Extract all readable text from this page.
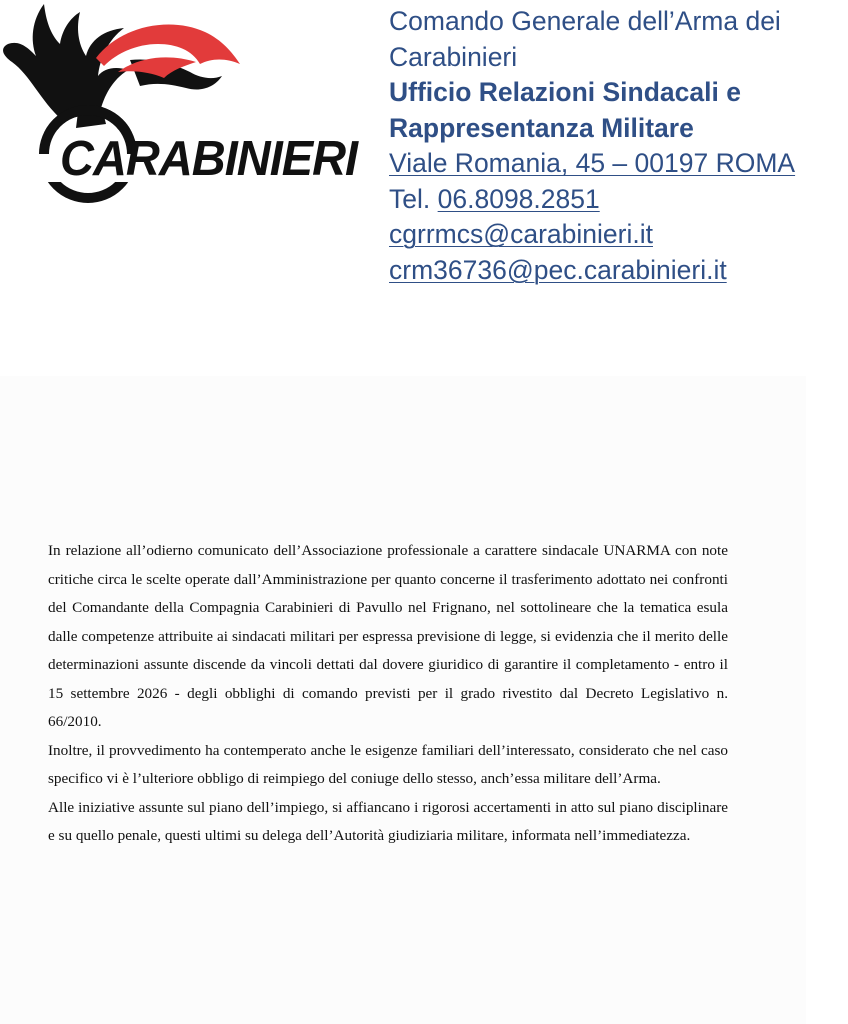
CARABINIERI
Comando Generale dell’Arma dei Carabinieri
Ufficio Relazioni Sindacali e Rappresentanza Militare
Viale Romania, 45 – 00197 ROMA
Tel. 06.8098.2851
cgrrmcs@carabinieri.it
crm36736@pec.carabinieri.it

In relazione all’odierno comunicato dell’Associazione professionale a carattere sindacale UNARMA con note critiche circa le scelte operate dall’Amministrazione per quanto concerne il trasferimento adottato nei confronti del Comandante della Compagnia Carabinieri di Pavullo nel Frignano, nel sottolineare che la tematica esula dalle competenze attribuite ai sindacati militari per espressa previsione di legge, si evidenzia che il merito delle determinazioni assunte discende da vincoli dettati dal dovere giuridico di garantire il completamento - entro il 15 settembre 2026 - degli obblighi di comando previsti per il grado rivestito dal Decreto Legislativo n. 66/2010.

Inoltre, il provvedimento ha contemperato anche le esigenze familiari dell’interessato, considerato che nel caso specifico vi è l’ulteriore obbligo di reimpiego del coniuge dello stesso, anch’essa militare dell’Arma.

Alle iniziative assunte sul piano dell’impiego, si affiancano i rigorosi accertamenti in atto sul piano disciplinare e su quello penale, questi ultimi su delega dell’Autorità giudiziaria militare, informata nell’immediatezza.
